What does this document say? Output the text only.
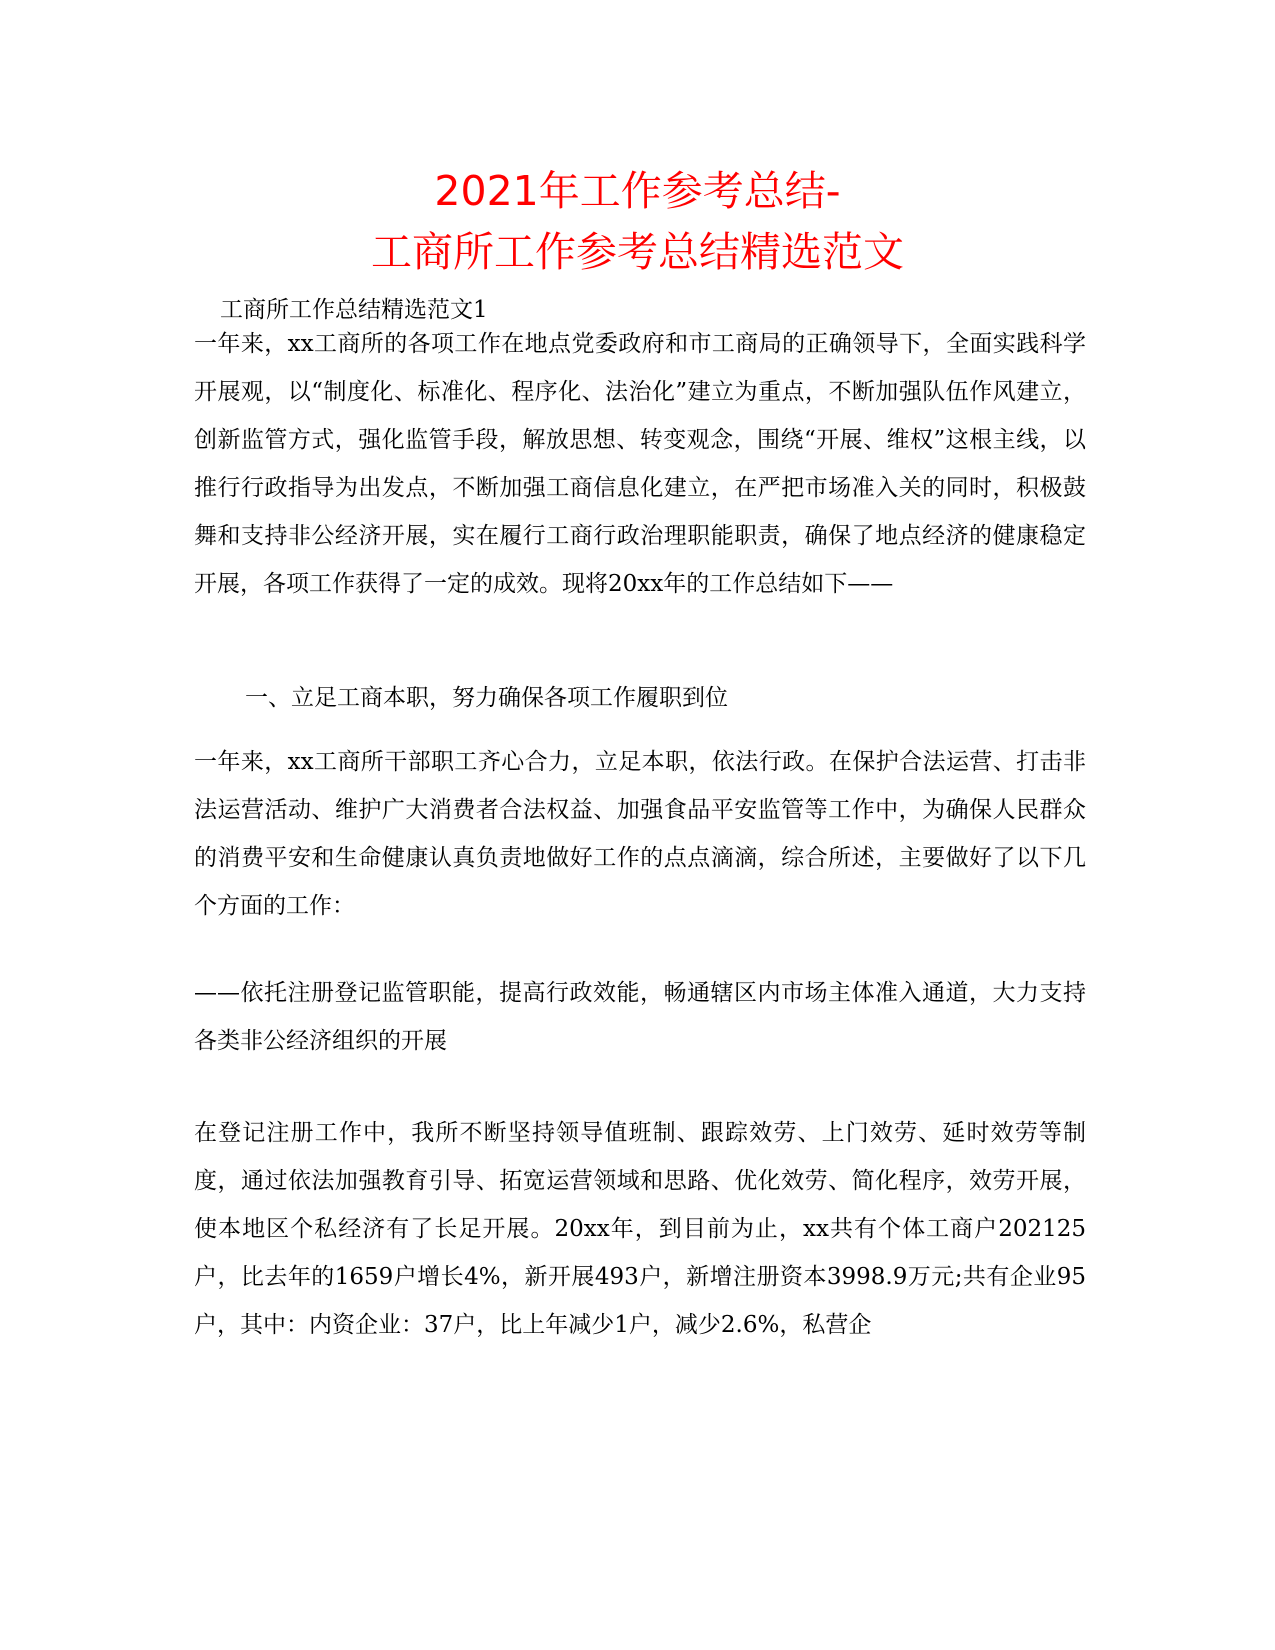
2021年工作参考总结-
工商所工作参考总结精选范文
工商所工作总结精选范文1

一年来，xx工商所的各项工作在地点党委政府和市工商局的正确领导下，全面实践科学开展观，以“制度化、标准化、程序化、法治化”建立为重点，不断加强队伍作风建立，创新监管方式，强化监管手段，解放思想、转变观念，围绕“开展、维权”这根主线，以推行行政指导为出发点，不断加强工商信息化建立，在严把市场准入关的同时，积极鼓舞和支持非公经济开展，实在履行工商行政治理职能职责，确保了地点经济的健康稳定开展，各项工作获得了一定的成效。现将20xx年的工作总结如下——

一、立足工商本职，努力确保各项工作履职到位

一年来，xx工商所干部职工齐心合力，立足本职，依法行政。在保护合法运营、打击非法运营活动、维护广大消费者合法权益、加强食品平安监管等工作中，为确保人民群众的消费平安和生命健康认真负责地做好工作的点点滴滴，综合所述，主要做好了以下几个方面的工作：

——依托注册登记监管职能，提高行政效能，畅通辖区内市场主体准入通道，大力支持各类非公经济组织的开展

在登记注册工作中，我所不断坚持领导值班制、跟踪效劳、上门效劳、延时效劳等制度，通过依法加强教育引导、拓宽运营领域和思路、优化效劳、简化程序，效劳开展，使本地区个私经济有了长足开展。20xx年，到目前为止，xx共有个体工商户202125户，比去年的1659户增长4%，新开展493户，新增注册资本3998.9万元;共有企业95户，其中：内资企业：37户，比上年减少1户，减少2.6%，私营企
